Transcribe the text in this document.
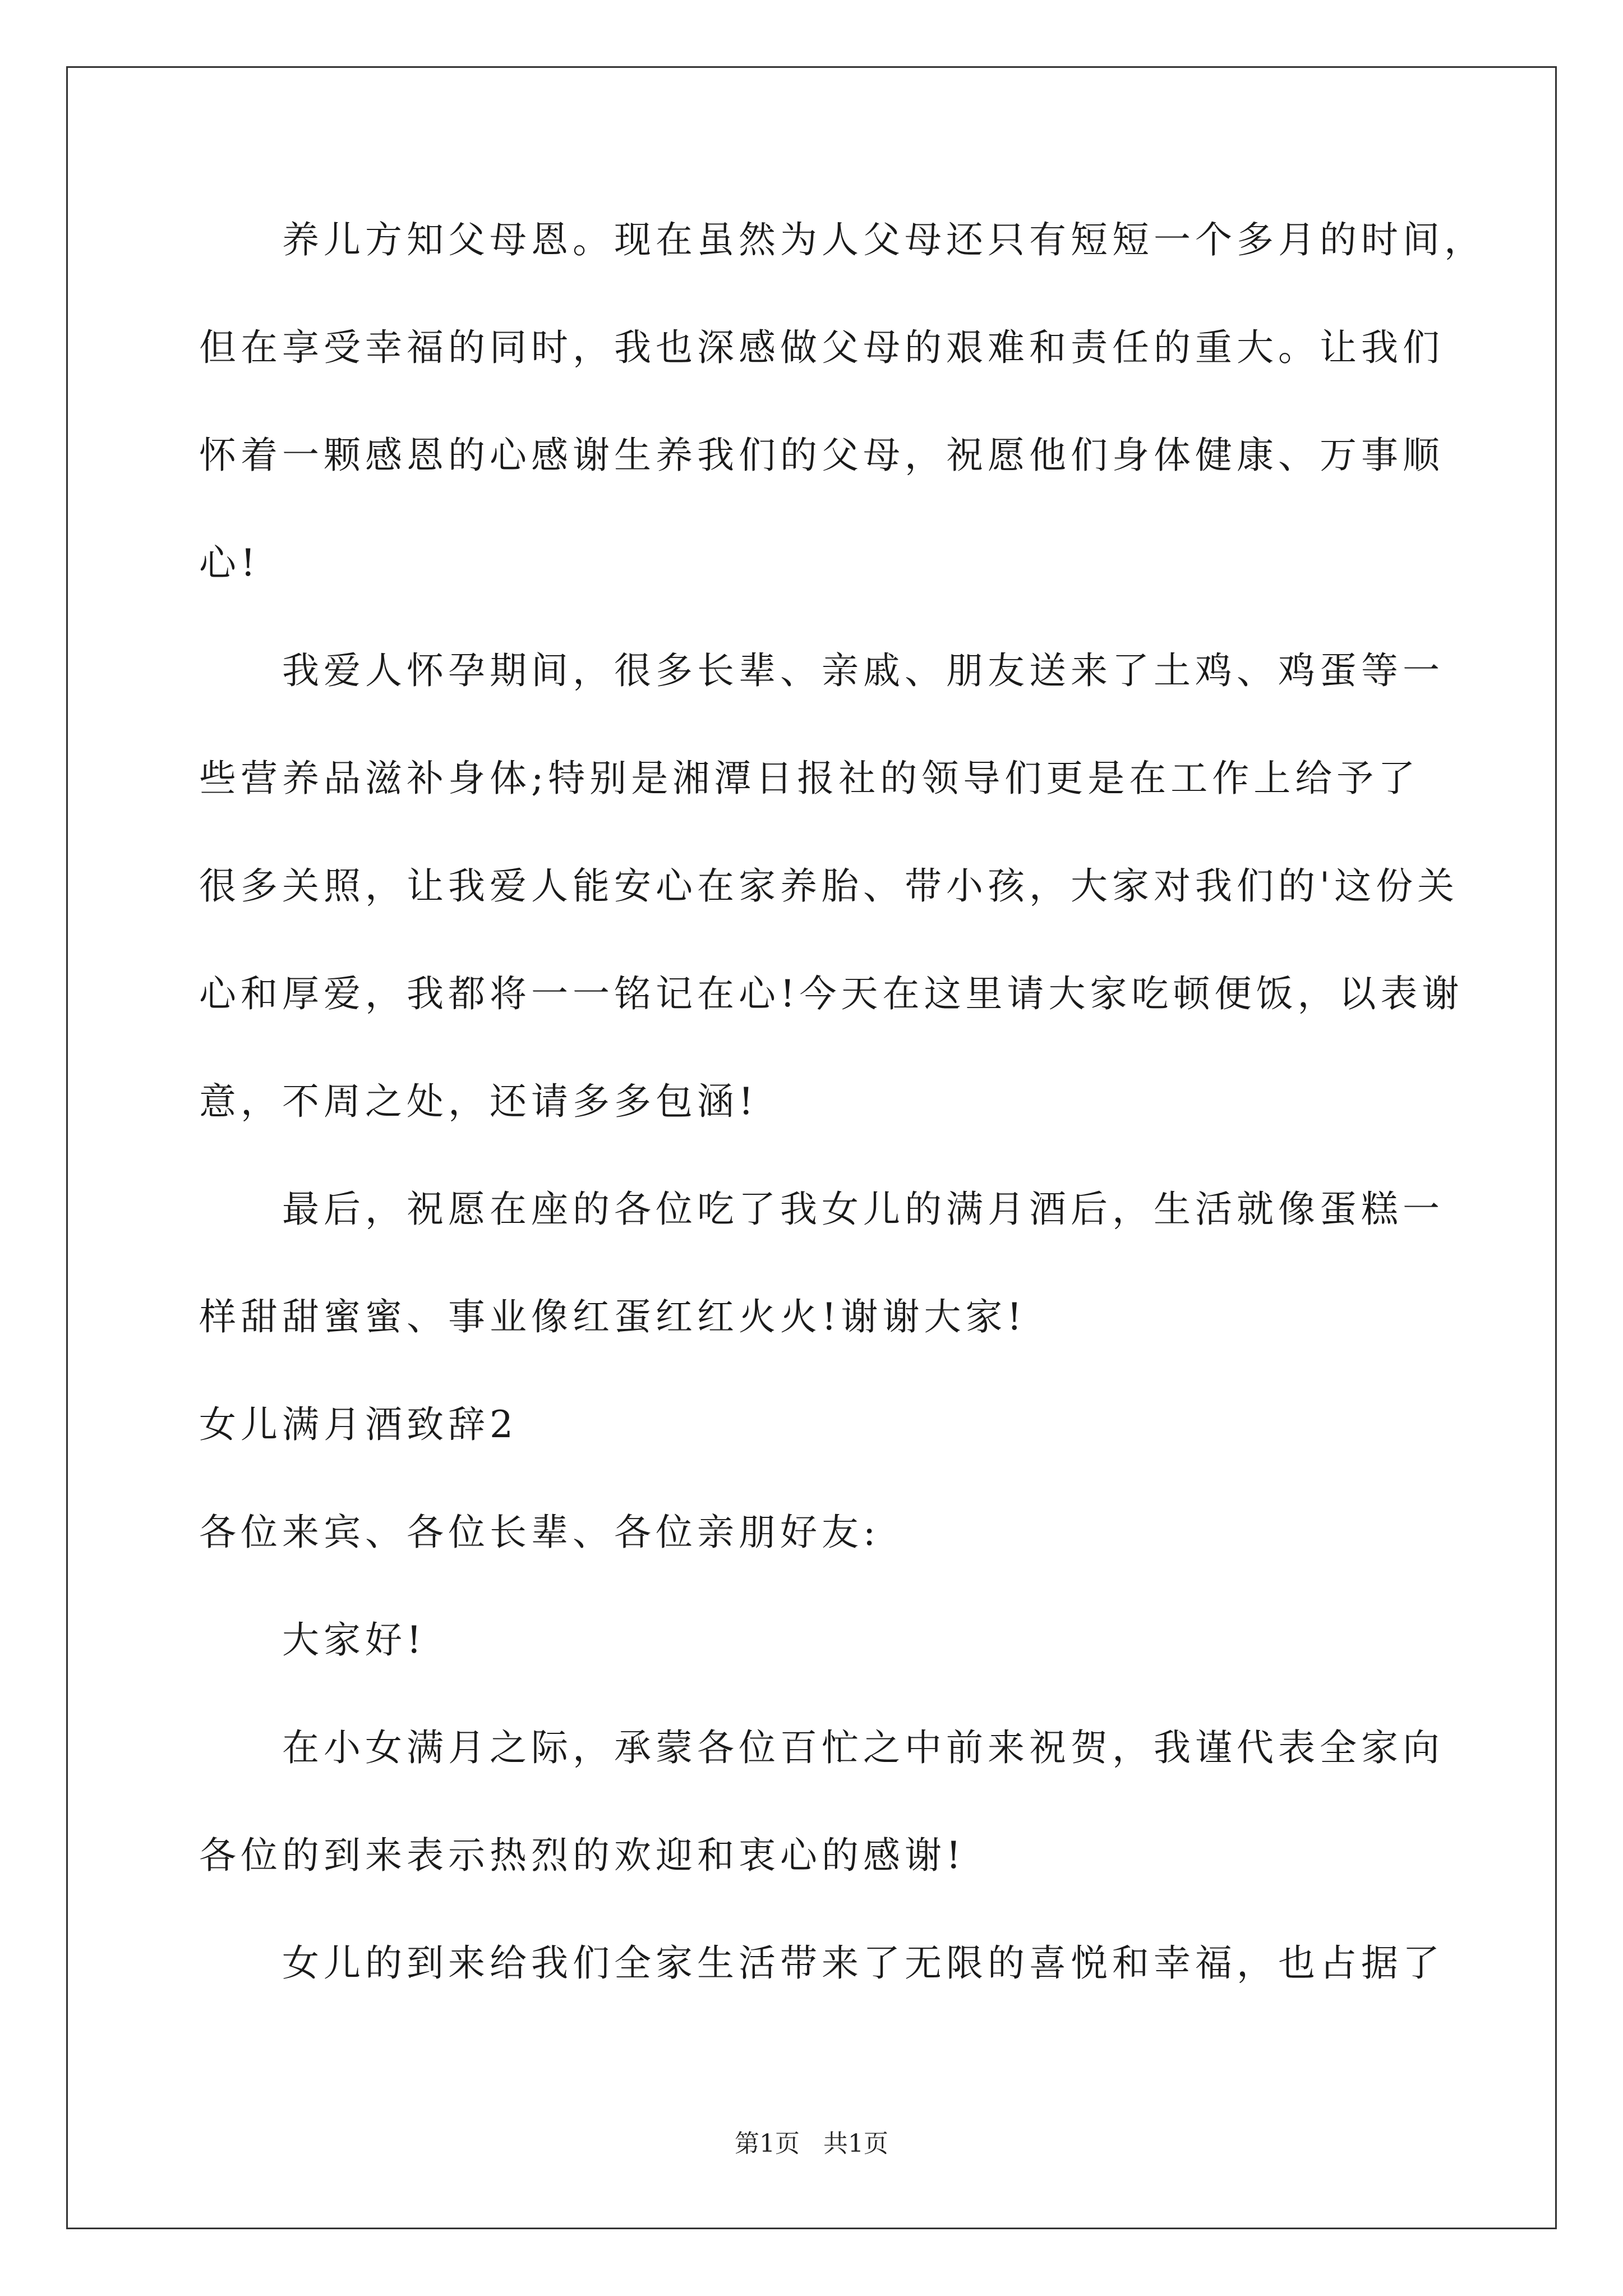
养儿方知父母恩。现在虽然为人父母还只有短短一个多月的时间，
但在享受幸福的同时，我也深感做父母的艰难和责任的重大。让我们
怀着一颗感恩的心感谢生养我们的父母，祝愿他们身体健康、万事顺
心!
我爱人怀孕期间，很多长辈、亲戚、朋友送来了土鸡、鸡蛋等一
些营养品滋补身体;特别是湘潭日报社的领导们更是在工作上给予了
很多关照，让我爱人能安心在家养胎、带小孩，大家对我们的'这份关
心和厚爱，我都将一一铭记在心!今天在这里请大家吃顿便饭，以表谢
意，不周之处，还请多多包涵!
最后，祝愿在座的各位吃了我女儿的满月酒后，生活就像蛋糕一
样甜甜蜜蜜、事业像红蛋红红火火!谢谢大家!
女儿满月酒致辞2
各位来宾、各位长辈、各位亲朋好友:
大家好!
在小女满月之际，承蒙各位百忙之中前来祝贺，我谨代表全家向
各位的到来表示热烈的欢迎和衷心的感谢!
女儿的到来给我们全家生活带来了无限的喜悦和幸福，也占据了
第1页   共1页
